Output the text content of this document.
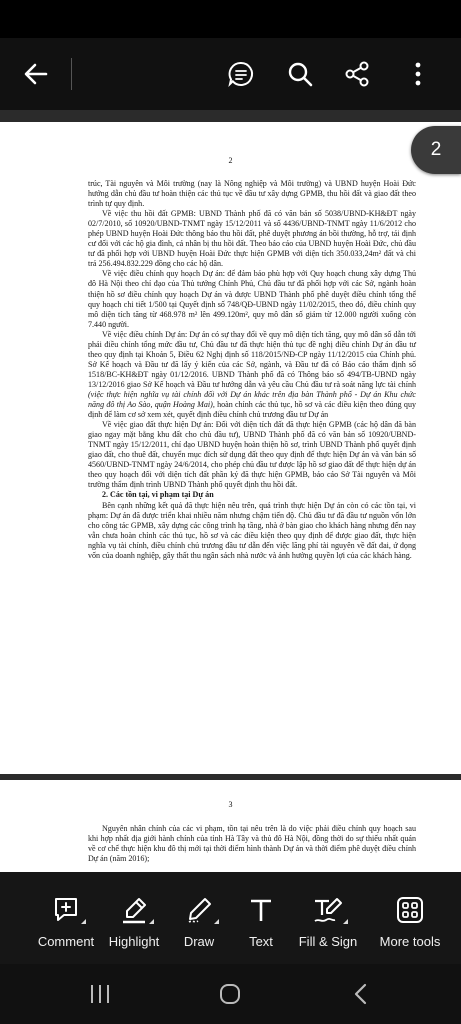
2

trúc, Tài nguyên và Môi trường (nay là Nông nghiệp và Môi trường) và UBND huyện Hoài Đức hướng dẫn chủ đầu tư hoàn thiện các thủ tục về đầu tư xây dựng GPMB, thu hồi đất và giao đất theo trình tự quy định.

Về việc thu hồi đất GPMB: UBND Thành phố đã có văn bản số 5038/UBND-KH&ĐT ngày 02/7/2010, số 10920/UBND-TNMT ngày 15/12/2011 và số 4436/UBND-TNMT ngày 11/6/2012 cho phép UBND huyện Hoài Đức thông báo thu hồi đất, phê duyệt phương án bồi thường, hỗ trợ, tái định cư đối với các hộ gia đình, cá nhân bị thu hồi đất. Theo báo cáo của UBND huyện Hoài Đức, chủ đầu tư đã phối hợp với UBND huyện Hoài Đức thực hiện GPMB với diện tích 350.033,24m² đất và chi trả 256.494.832.229 đồng cho các hộ dân.

Về việc điều chỉnh quy hoạch Dự án: để đảm bảo phù hợp với Quy hoạch chung xây dựng Thủ đô Hà Nội theo chỉ đạo của Thủ tướng Chính Phủ, Chủ đầu tư đã phối hợp với các Sở, ngành hoàn thiện hồ sơ điều chỉnh quy hoạch Dự án và được UBND Thành phố phê duyệt điều chỉnh tổng thể quy hoạch chi tiết 1/500 tại Quyết định số 748/QĐ-UBND ngày 11/02/2015, theo đó, điều chỉnh quy mô diện tích tăng từ 468.978 m² lên 499.120m², quy mô dân số giảm từ 12.000 người xuống còn 7.440 người.

Về việc điều chỉnh Dự án: Dự án có sự thay đổi về quy mô diện tích tăng, quy mô dân số dẫn tới phải điều chỉnh tổng mức đầu tư, Chủ đầu tư đã thực hiện thủ tục đề nghị điều chỉnh Dự án đầu tư theo quy định tại Khoản 5, Điều 62 Nghị định số 118/2015/NĐ-CP ngày 11/12/2015 của Chính phủ. Sở Kế hoạch và Đầu tư đã lấy ý kiến của các Sở, ngành, và Đầu tư đã có Báo cáo thẩm định số 1518/BC-KH&ĐT ngày 01/12/2016. UBND Thành phố đã có Thông báo số 494/TB-UBND ngày 13/12/2016 giao Sở Kế hoạch và Đầu tư hướng dẫn và yêu cầu Chủ đầu tư rà soát năng lực tài chính (việc thực hiện nghĩa vụ tài chính đối với Dự án khác trên địa bàn Thành phố - Dự án Khu chức năng đô thị Ao Sào, quận Hoàng Mai), hoàn chỉnh các thủ tục, hồ sơ và các điều kiện theo đúng quy định để làm cơ sở xem xét, quyết định điều chỉnh chủ trương đầu tư Dự án

Về việc giao đất thực hiện Dự án: Đối với diện tích đất đã thực hiện GPMB (các hộ dân đã bàn giao ngay mặt bằng khu đất cho chủ đầu tư), UBND Thành phố đã có văn bản số 10920/UBND-TNMT ngày 15/12/2011, chỉ đạo UBND huyện hoàn thiện hồ sơ, trình UBND Thành phố quyết định giao đất, cho thuê đất, chuyển mục đích sử dụng đất theo quy định để thực hiện Dự án và văn bản số 4560/UBND-TNMT ngày 24/6/2014, cho phép chủ đầu tư được lập hồ sơ giao đất để thực hiện dự án theo quy hoạch đối với diện tích đất phần ký đã thực hiện GPMB, báo cáo Sở Tài nguyên và Môi trường thẩm định trình UBND Thành phố quyết định thu hồi đất.

2. Các tồn tại, vi phạm tại Dự án

Bên cạnh những kết quả đã thực hiện nêu trên, quá trình thực hiện Dự án còn có các tồn tại, vi phạm: Dự án đã được triển khai nhiều năm nhưng chậm tiến độ. Chủ đầu tư đã đầu tư nguồn vốn lớn cho công tác GPMB, xây dựng các công trình hạ tầng, nhà ở bàn giao cho khách hàng nhưng đến nay vẫn chưa hoàn chỉnh các thủ tục, hồ sơ và các điều kiện theo quy định để được giao đất, thực hiện nghĩa vụ tài chính, điều chỉnh chủ trương đầu tư dẫn đến việc lãng phí tài nguyên về đất đai, ứ đọng vốn của doanh nghiệp, gây thất thu ngân sách nhà nước và ảnh hưởng quyền lợi của các khách hàng.

3

Nguyên nhân chính của các vi phạm, tồn tại nêu trên là do việc phải điều chỉnh quy hoạch sau khi hợp nhất địa giới hành chính của tỉnh Hà Tây và thủ đô Hà Nội, đồng thời do sự thiếu nhất quán về cơ chế thực hiện khu đô thị mới tại thời điểm hình thành Dự án và thời điểm phê duyệt điều chỉnh Dự án (năm 2016);

2
Comment Highlight Draw	Text Fill & Sign More tools
